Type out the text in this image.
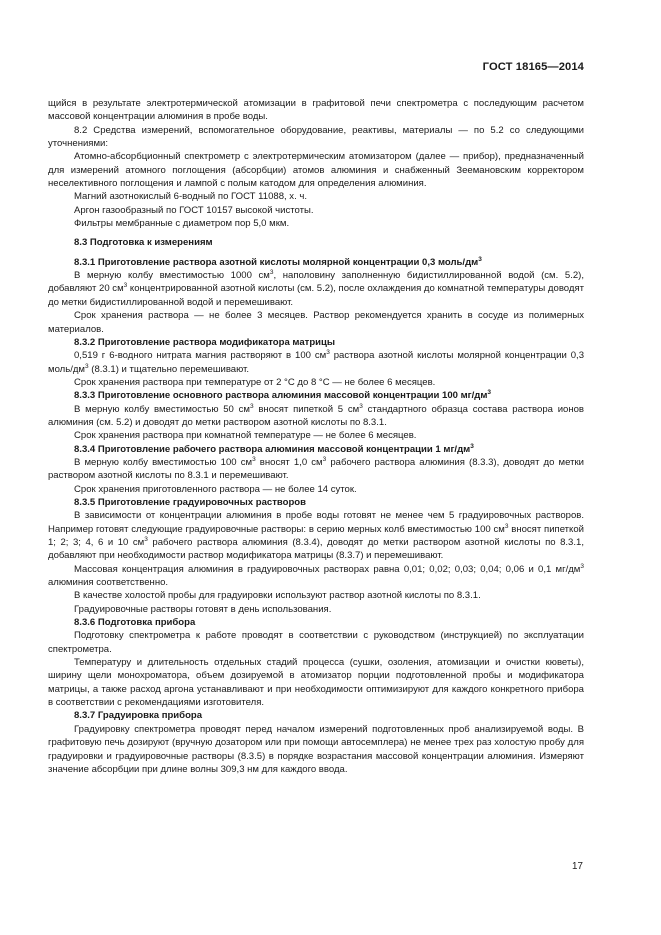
ГОСТ 18165—2014

щийся в результате электротермической атомизации в графитовой печи спектрометра с последующим расчетом массовой концентрации алюминия в пробе воды.

8.2 Средства измерений, вспомогательное оборудование, реактивы, материалы — по 5.2 со следующими уточнениями:

Атомно-абсорбционный спектрометр с электротермическим атомизатором (далее — прибор), предназначенный для измерений атомного поглощения (абсорбции) атомов алюминия и снабженный Зеемановским корректором неселективного поглощения и лампой с полым катодом для определения алюминия.

Магний азотнокислый 6-водный по ГОСТ 11088, х. ч.

Аргон газообразный по ГОСТ 10157 высокой чистоты.

Фильтры мембранные с диаметром пор 5,0 мкм.

8.3 Подготовка к измерениям

8.3.1 Приготовление раствора азотной кислоты молярной концентрации 0,3 моль/$дм^3$

В мерную колбу вместимостью 1000 $см^3$, наполовину заполненную бидистиллированной водой (см. 5.2), добавляют 20 $см^3$ концентрированной азотной кислоты (см. 5.2), после охлаждения до комнатной температуры доводят до метки бидистиллированной водой и перемешивают.

Срок хранения раствора — не более 3 месяцев. Раствор рекомендуется хранить в сосуде из полимерных материалов.

8.3.2 Приготовление раствора модификатора матрицы

0,519 г 6-водного нитрата магния растворяют в 100 $см^3$ раствора азотной кислоты молярной концентрации 0,3 моль/$дм^3$ (8.3.1) и тщательно перемешивают.

Срок хранения раствора при температуре от 2 °С до 8 °С — не более 6 месяцев.

8.3.3 Приготовление основного раствора алюминия массовой концентрации 100 $мг/дм^3$

В мерную колбу вместимостью 50 $см^3$ вносят пипеткой 5 $см^3$ стандартного образца состава раствора ионов алюминия (см. 5.2) и доводят до метки раствором азотной кислоты по 8.3.1.

Срок хранения раствора при комнатной температуре — не более 6 месяцев.

8.3.4 Приготовление рабочего раствора алюминия массовой концентрации 1 $мг/дм^3$

В мерную колбу вместимостью 100 $см^3$ вносят 1,0 $см^3$ рабочего раствора алюминия (8.3.3), доводят до метки раствором азотной кислоты по 8.3.1 и перемешивают.

Срок хранения приготовленного раствора — не более 14 суток.

8.3.5 Приготовление градуировочных растворов

В зависимости от концентрации алюминия в пробе воды готовят не менее чем 5 градуировочных растворов. Например готовят следующие градуировочные растворы: в серию мерных колб вместимостью 100 $см^3$ вносят пипеткой 1; 2; 3; 4, 6 и 10 $см^3$ рабочего раствора алюминия (8.3.4), доводят до метки раствором азотной кислоты по 8.3.1, добавляют при необходимости раствор модификатора матрицы (8.3.7) и перемешивают.

Массовая концентрация алюминия в градуировочных растворах равна 0,01; 0,02; 0,03; 0,04; 0,06 и 0,1 $мг/дм^3$ алюминия соответственно.

В качестве холостой пробы для градуировки используют раствор азотной кислоты по 8.3.1.

Градуировочные растворы готовят в день использования.

8.3.6 Подготовка прибора

Подготовку спектрометра к работе проводят в соответствии с руководством (инструкцией) по эксплуатации спектрометра.

Температуру и длительность отдельных стадий процесса (сушки, озоления, атомизации и очистки кюветы), ширину щели монохроматора, объем дозируемой в атомизатор порции подготовленной пробы и модификатора матрицы, а также расход аргона устанавливают и при необходимости оптимизируют для каждого конкретного прибора в соответствии с рекомендациями изготовителя.

8.3.7 Градуировка прибора

Градуировку спектрометра проводят перед началом измерений подготовленных проб анализируемой воды. В графитовую печь дозируют (вручную дозатором или при помощи автосемплера) не менее трех раз холостую пробу для градуировки и градуировочные растворы (8.3.5) в порядке возрастания массовой концентрации алюминия. Измеряют значение абсорбции при длине волны 309,3 нм для каждого ввода.

17
